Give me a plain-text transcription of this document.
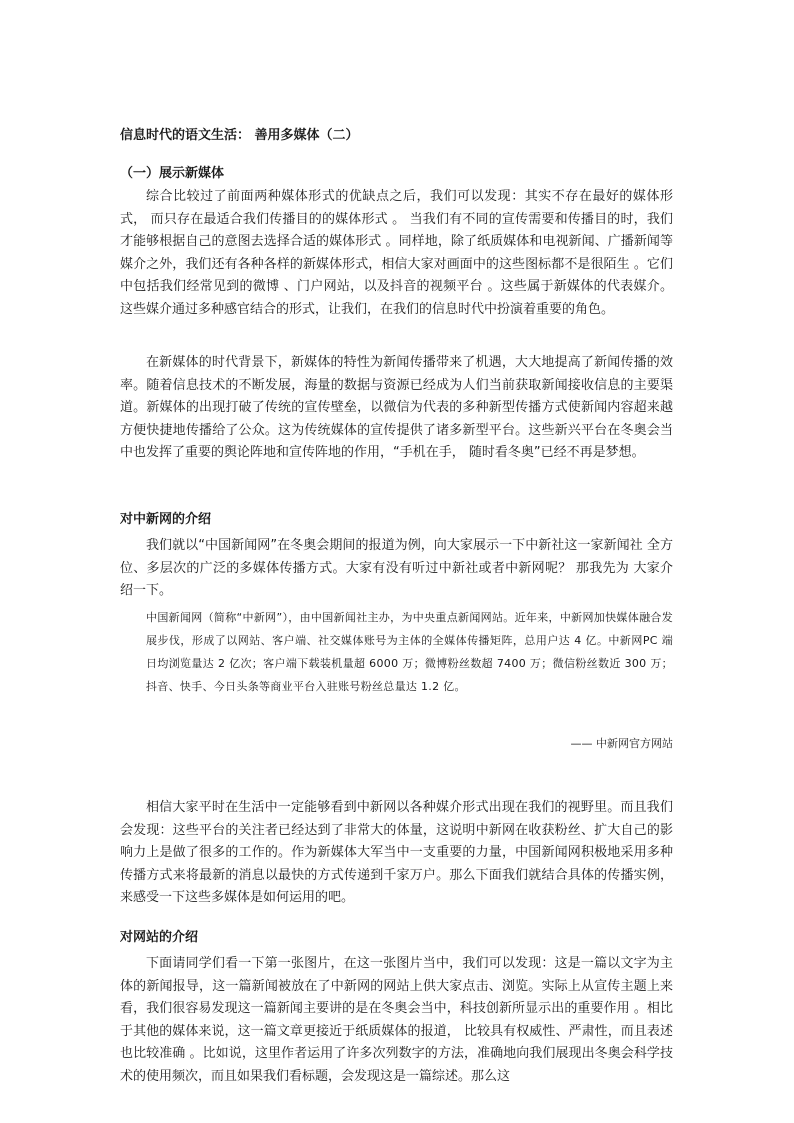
信息时代的语文生活： 善用多媒体（二）
（一）展示新媒体

综合比较过了前面两种媒体形式的优缺点之后，我们可以发现：其实不存在最好的媒体形式， 而只存在最适合我们传播目的的媒体形式 。 当我们有不同的宣传需要和传播目的时，我们才能够根据自己的意图去选择合适的媒体形式 。同样地，除了纸质媒体和电视新闻、广播新闻等媒介之外，我们还有各种各样的新媒体形式，相信大家对画面中的这些图标都不是很陌生 。它们中包括我们经常见到的微博 、门户网站，以及抖音的视频平台 。这些属于新媒体的代表媒介。这些媒介通过多种感官结合的形式，让我们，在我们的信息时代中扮演着重要的角色。

在新媒体的时代背景下，新媒体的特性为新闻传播带来了机遇，大大地提高了新闻传播的效率。随着信息技术的不断发展，海量的数据与资源已经成为人们当前获取新闻接收信息的主要渠道。新媒体的出现打破了传统的宣传壁垒，以微信为代表的多种新型传播方式使新闻内容超来越方便快捷地传播给了公众。这为传统媒体的宣传提供了诸多新型平台。这些新兴平台在冬奥会当中也发挥了重要的舆论阵地和宣传阵地的作用，“手机在手， 随时看冬奥”已经不再是梦想。

对中新网的介绍

我们就以“中国新闻网”在冬奥会期间的报道为例，向大家展示一下中新社这一家新闻社 全方位、多层次的广泛的多媒体传播方式。大家有没有听过中新社或者中新网呢？ 那我先为 大家介绍一下。

中国新闻网（简称“中新网”），由中国新闻社主办，为中央重点新闻网站。近年来，中新网加快媒体融合发展步伐，形成了以网站、客户端、社交媒体账号为主体的全媒体传播矩阵，总用户达 4 亿。中新网PC 端日均浏览量达 2 亿次；客户端下载装机量超 6000 万；微博粉丝数超 7400 万；微信粉丝数近 300 万；抖音、快手、今日头条等商业平台入驻账号粉丝总量达 1.2 亿。

—— 中新网官方网站

相信大家平时在生活中一定能够看到中新网以各种媒介形式出现在我们的视野里。而且我们会发现：这些平台的关注者已经达到了非常大的体量，这说明中新网在收获粉丝、扩大自己的影响力上是做了很多的工作的。作为新媒体大军当中一支重要的力量，中国新闻网积极地采用多种传播方式来将最新的消息以最快的方式传递到千家万户。那么下面我们就结合具体的传播实例，来感受一下这些多媒体是如何运用的吧。

对网站的介绍

下面请同学们看一下第一张图片，在这一张图片当中，我们可以发现：这是一篇以文字为主体的新闻报导，这一篇新闻被放在了中新网的网站上供大家点击、浏览。实际上从宣传主题上来看，我们很容易发现这一篇新闻主要讲的是在冬奥会当中，科技创新所显示出的重要作用 。相比于其他的媒体来说，这一篇文章更接近于纸质媒体的报道， 比较具有权威性、严肃性，而且表述也比较准确 。比如说，这里作者运用了许多次列数字的方法，准确地向我们展现出冬奥会科学技术的使用频次，而且如果我们看标题，会发现这是一篇综述。那么这
